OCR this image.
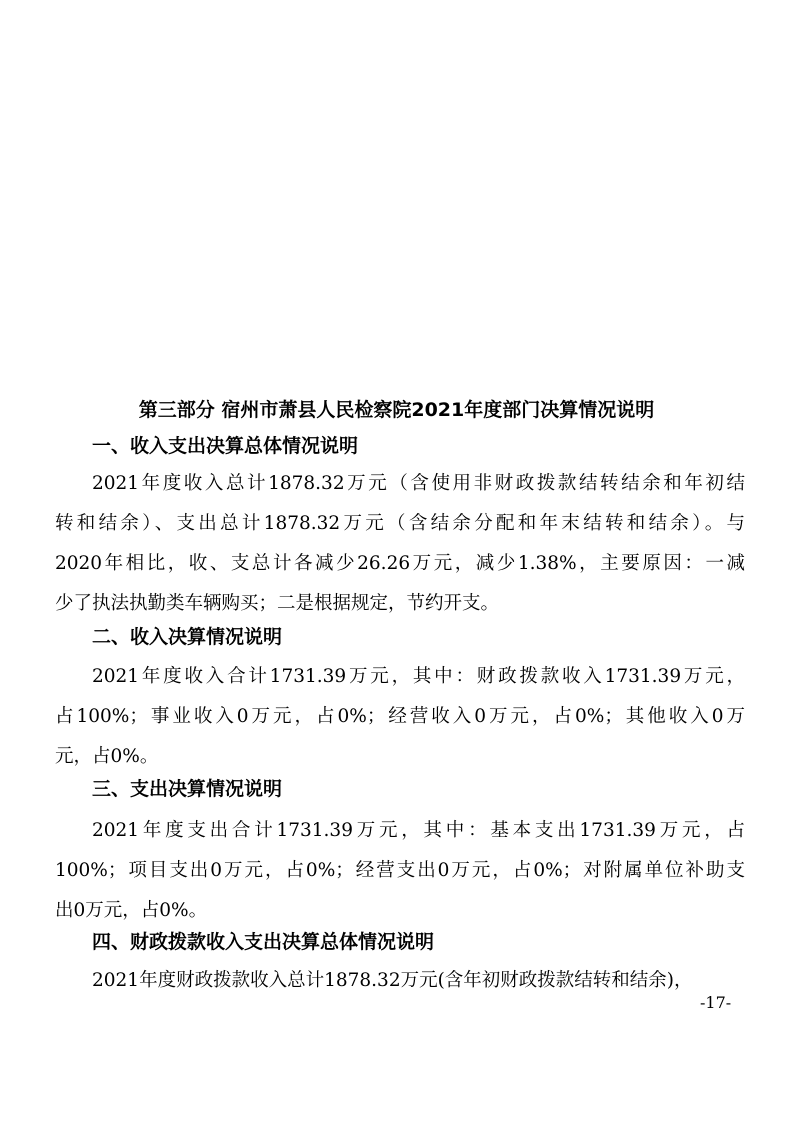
第三部分 宿州市萧县人民检察院2021年度部门决算情况说明
一、收入支出决算总体情况说明
2021年度收入总计1878.32万元（含使用非财政拨款结转结余和年初结
转和结余）、支出总计1878.32万元（含结余分配和年末结转和结余）。与
2020年相比，收、支总计各减少26.26万元，减少1.38%，主要原因：一减
少了执法执勤类车辆购买；二是根据规定，节约开支。
二、收入决算情况说明
2021年度收入合计1731.39万元，其中：财政拨款收入1731.39万元，
占100%；事业收入0万元，占0%；经营收入0万元，占0%；其他收入0万
元，占0%。
三、支出决算情况说明
2021年度支出合计1731.39万元，其中：基本支出1731.39万元，占
100%；项目支出0万元，占0%；经营支出0万元，占0%；对附属单位补助支
出0万元，占0%。
四、财政拨款收入支出决算总体情况说明
2021年度财政拨款收入总计1878.32万元(含年初财政拨款结转和结余)，
-17-
